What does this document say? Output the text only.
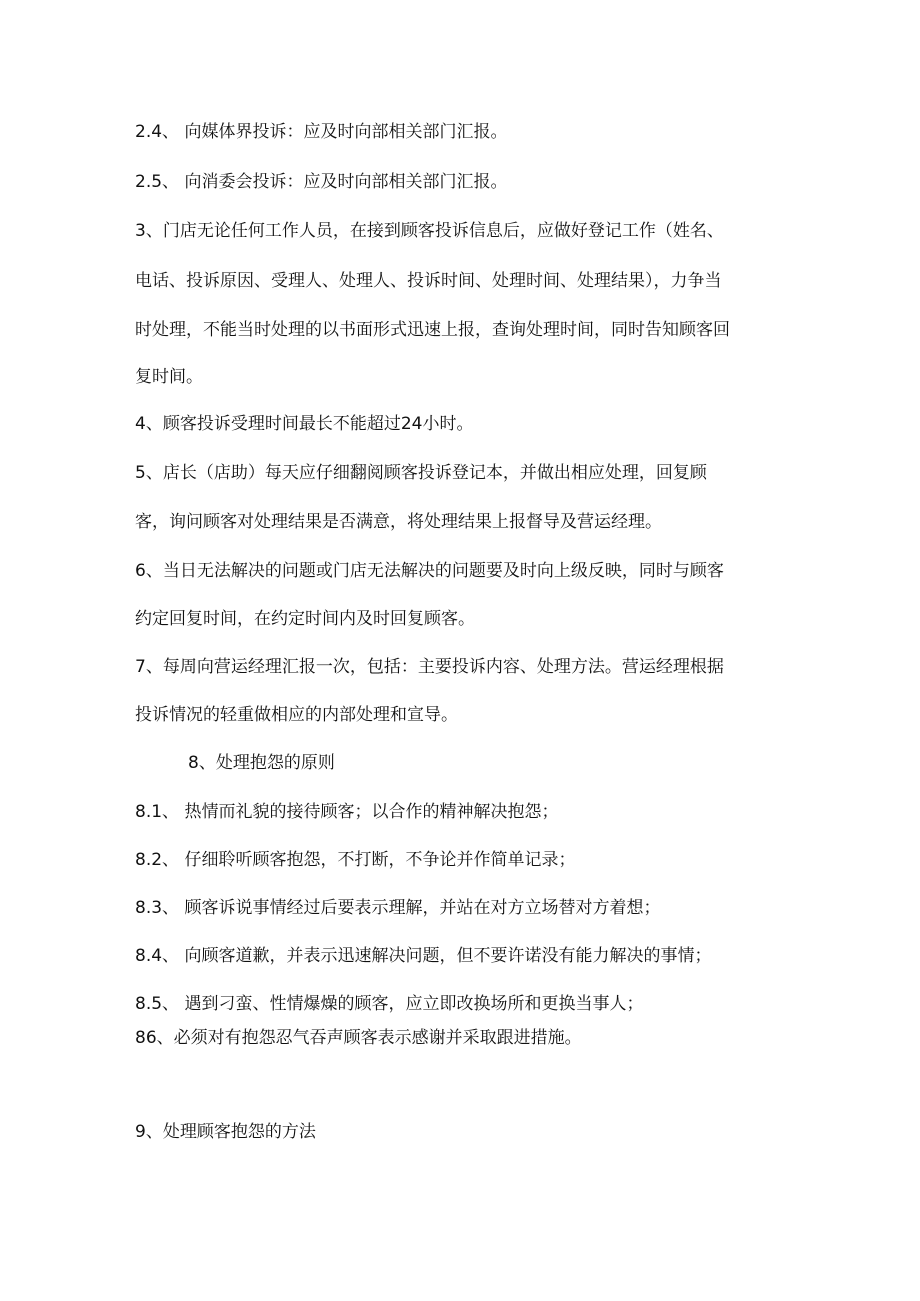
2.4、 向媒体界投诉：应及时向部相关部门汇报。
2.5、 向消委会投诉：应及时向部相关部门汇报。
3、门店无论任何工作人员，在接到顾客投诉信息后，应做好登记工作（姓名、
电话、投诉原因、受理人、处理人、投诉时间、处理时间、处理结果），力争当
时处理，不能当时处理的以书面形式迅速上报，查询处理时间，同时告知顾客回
复时间。
4、顾客投诉受理时间最长不能超过24小时。
5、店长（店助）每天应仔细翻阅顾客投诉登记本，并做出相应处理，回复顾
客，询问顾客对处理结果是否满意，将处理结果上报督导及营运经理。
6、当日无法解决的问题或门店无法解决的问题要及时向上级反映，同时与顾客
约定回复时间，在约定时间内及时回复顾客。
7、每周向营运经理汇报一次，包括：主要投诉内容、处理方法。营运经理根据
投诉情况的轻重做相应的内部处理和宣导。
8、处理抱怨的原则
8.1、 热情而礼貌的接待顾客；以合作的精神解决抱怨；
8.2、 仔细聆听顾客抱怨，不打断，不争论并作简单记录；
8.3、 顾客诉说事情经过后要表示理解，并站在对方立场替对方着想；
8.4、 向顾客道歉，并表示迅速解决问题，但不要许诺没有能力解决的事情；
8.5、 遇到刁蛮、性情爆燥的顾客，应立即改换场所和更换当事人；
86、必须对有抱怨忍气吞声顾客表示感谢并采取跟进措施。
9、处理顾客抱怨的方法
